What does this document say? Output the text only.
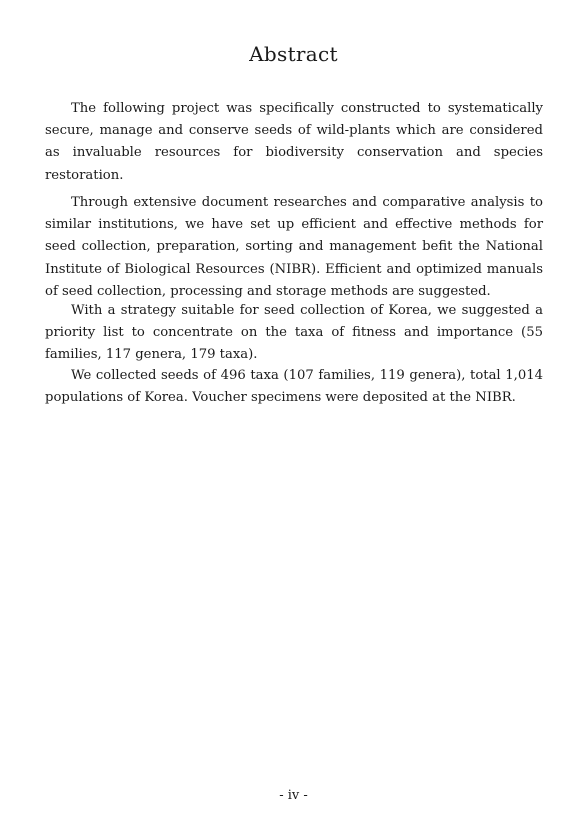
Abstract

The following project was specifically constructed to systematically secure, manage and conserve seeds of wild-plants which are considered as invaluable resources for biodiversity conservation and species restoration.

Through extensive document researches and comparative analysis to similar institutions, we have set up efficient and effective methods for seed collection, preparation, sorting and management befit the National Institute of Biological Resources (NIBR). Efficient and optimized manuals of seed collection, processing and storage methods are suggested.

With a strategy suitable for seed collection of Korea, we suggested a priority list to concentrate on the taxa of fitness and importance (55 families, 117 genera, 179 taxa).

We collected seeds of 496 taxa (107 families, 119 genera), total 1,014 populations of Korea. Voucher specimens were deposited at the NIBR.

- iv -
